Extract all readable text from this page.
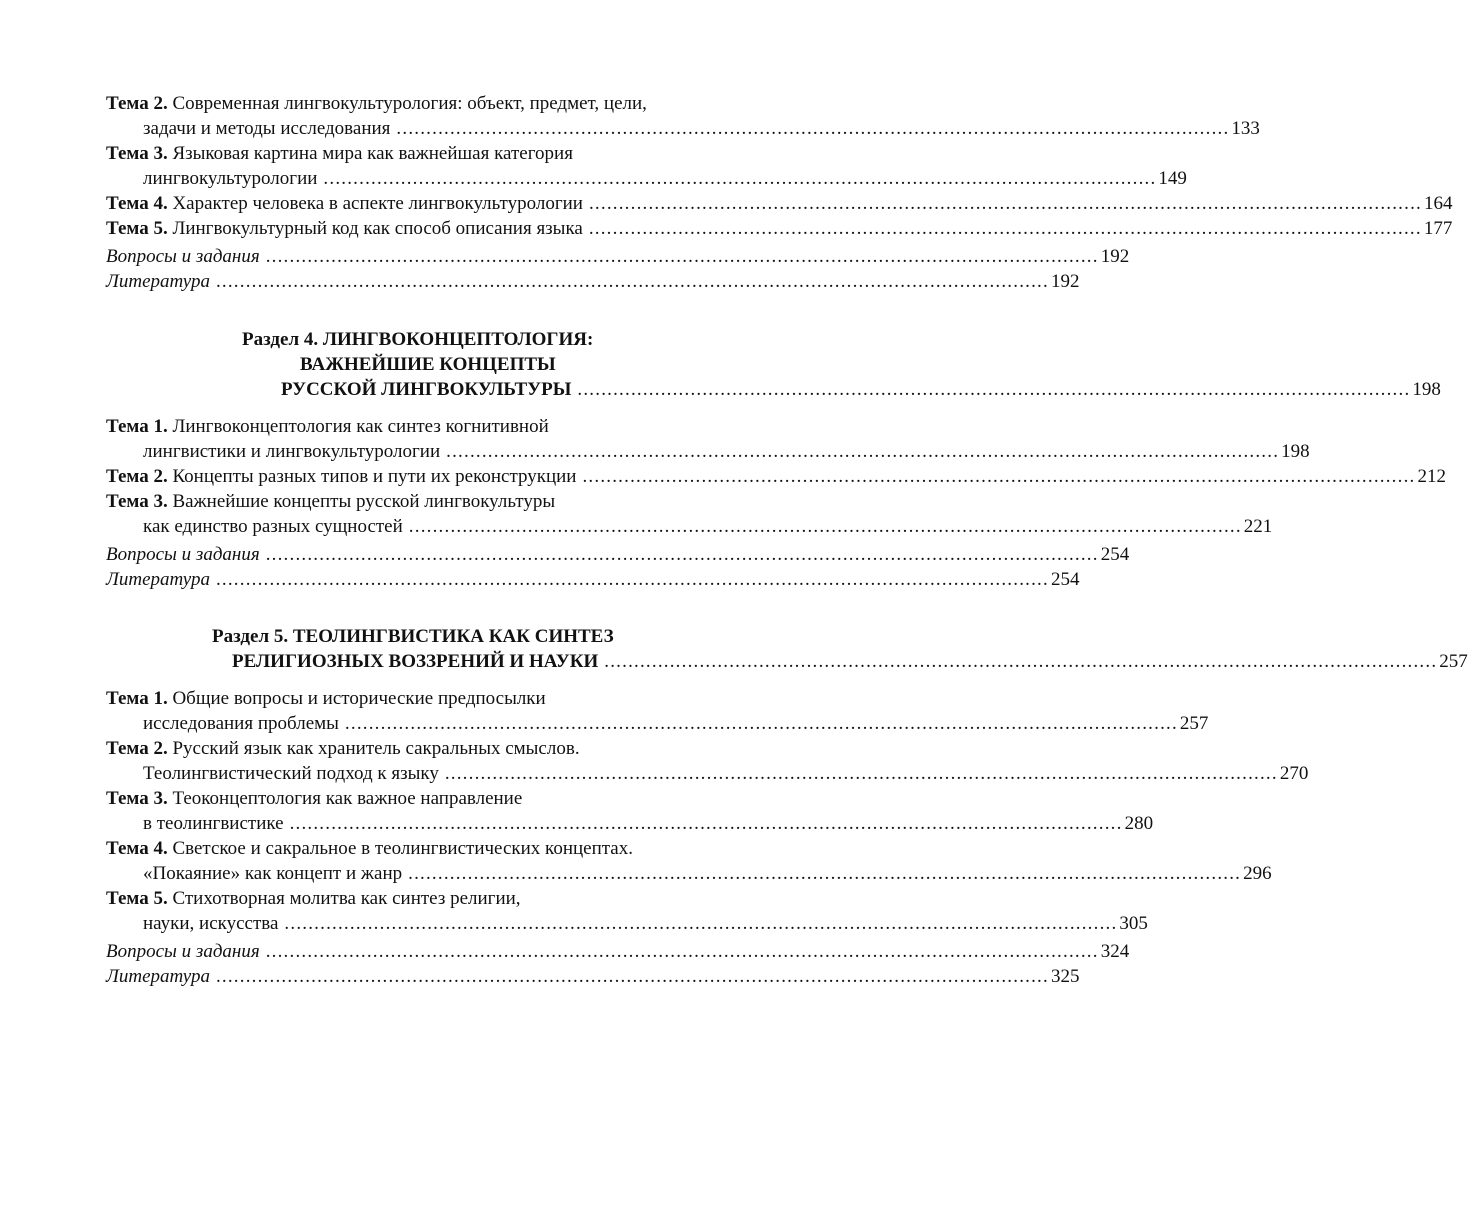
Тема 2. Современная лингвокультурология: объект, предмет, цели,
задачи и методы исследования ............................................................................................................................................ 133
Тема 3. Языковая картина мира как важнейшая категория
лингвокультурологии ............................................................................................................................................ 149
Тема 4. Характер человека в аспекте лингвокультурологии ............................................................................................................................................ 164
Тема 5. Лингвокультурный код как способ описания языка ............................................................................................................................................ 177
Вопросы и задания ............................................................................................................................................ 192
Литература ............................................................................................................................................ 192
Раздел 4. ЛИНГВОКОНЦЕПТОЛОГИЯ:
ВАЖНЕЙШИЕ КОНЦЕПТЫ
РУССКОЙ ЛИНГВОКУЛЬТУРЫ ............................................................................................................................................ 198
Тема 1. Лингвоконцептология как синтез когнитивной
лингвистики и лингвокультурологии ............................................................................................................................................ 198
Тема 2. Концепты разных типов и пути их реконструкции ............................................................................................................................................ 212
Тема 3. Важнейшие концепты русской лингвокультуры
как единство разных сущностей ............................................................................................................................................ 221
Вопросы и задания ............................................................................................................................................ 254
Литература ............................................................................................................................................ 254
Раздел 5. ТЕОЛИНГВИСТИКА КАК СИНТЕЗ
РЕЛИГИОЗНЫХ ВОЗЗРЕНИЙ И НАУКИ ............................................................................................................................................ 257
Тема 1. Общие вопросы и исторические предпосылки
исследования проблемы ............................................................................................................................................ 257
Тема 2. Русский язык как хранитель сакральных смыслов.
Теолингвистический подход к языку ............................................................................................................................................ 270
Тема 3. Теоконцептология как важное направление
в теолингвистике ............................................................................................................................................ 280
Тема 4. Светское и сакральное в теолингвистических концептах.
«Покаяние» как концепт и жанр ............................................................................................................................................ 296
Тема 5. Стихотворная молитва как синтез религии,
науки, искусства ............................................................................................................................................ 305
Вопросы и задания ............................................................................................................................................ 324
Литература ............................................................................................................................................ 325
